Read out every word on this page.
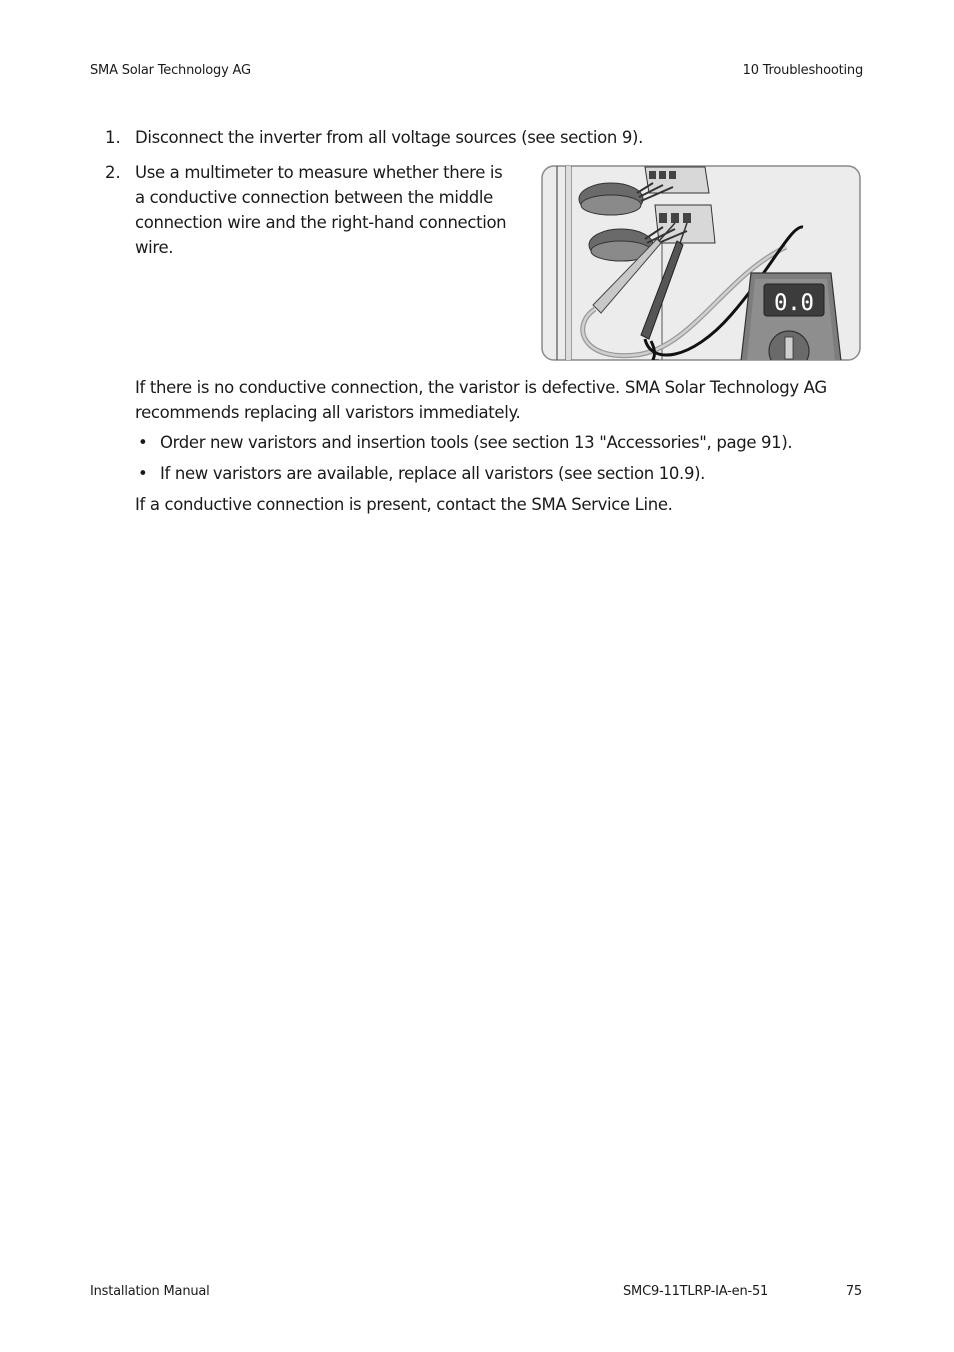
SMA Solar Technology AG	10 Troubleshooting
1. Disconnect the inverter from all voltage sources (see section 9).
2. Use a multimeter to measure whether there is a conductive connection between the middle connection wire and the right-hand connection wire.
0.0
If there is no conductive connection, the varistor is defective. SMA Solar Technology AG recommends replacing all varistors immediately.
• Order new varistors and insertion tools (see section 13 "Accessories", page 91).
• If new varistors are available, replace all varistors (see section 10.9).
If a conductive connection is present, contact the SMA Service Line.
Installation Manual	SMC9-11TLRP-IA-en-51	75
